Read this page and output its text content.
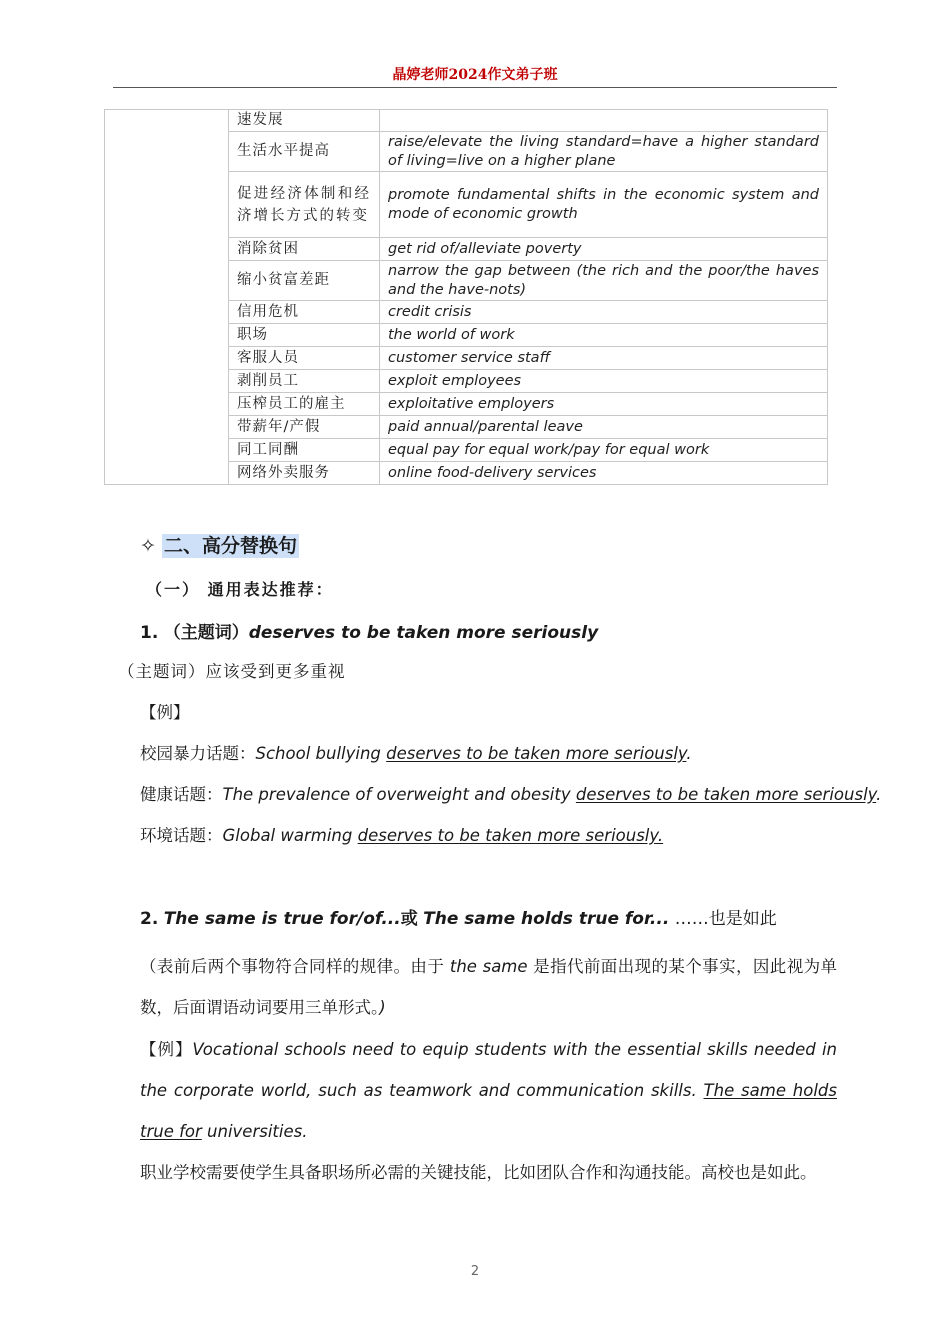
晶婷老师2024作文弟子班
	速发展	
	生活水平提高	raise/elevate the living standard=have a higher standard of living=live on a higher plane
	促进经济体制和经济增长方式的转变	promote fundamental shifts in the economic system and mode of economic growth
	消除贫困	get rid of/alleviate poverty
	缩小贫富差距	narrow the gap between (the rich and the poor/the haves and the have-nots)
	信用危机	credit crisis
	职场	the world of work
	客服人员	customer service staff
	剥削员工	exploit employees
	压榨员工的雇主	exploitative employers
	带薪年/产假	paid annual/parental leave
	同工同酬	equal pay for equal work/pay for equal work
	网络外卖服务	online food-delivery services
✧ 二、高分替换句
（一） 通用表达推荐：
1. （主题词）deserves to be taken more seriously
（主题词）应该受到更多重视
【例】
校园暴力话题：School bullying deserves to be taken more seriously.
健康话题：The prevalence of overweight and obesity deserves to be taken more seriously.
环境话题：Global warming deserves to be taken more seriously.
2. The same is true for/of...或 The same holds true for... ……也是如此
（表前后两个事物符合同样的规律。由于 the same 是指代前面出现的某个事实，因此视为单数，后面谓语动词要用三单形式。)
【例】Vocational schools need to equip students with the essential skills needed in the corporate world, such as teamwork and communication skills. The same holds true for universities.
职业学校需要使学生具备职场所必需的关键技能，比如团队合作和沟通技能。高校也是如此。
2
